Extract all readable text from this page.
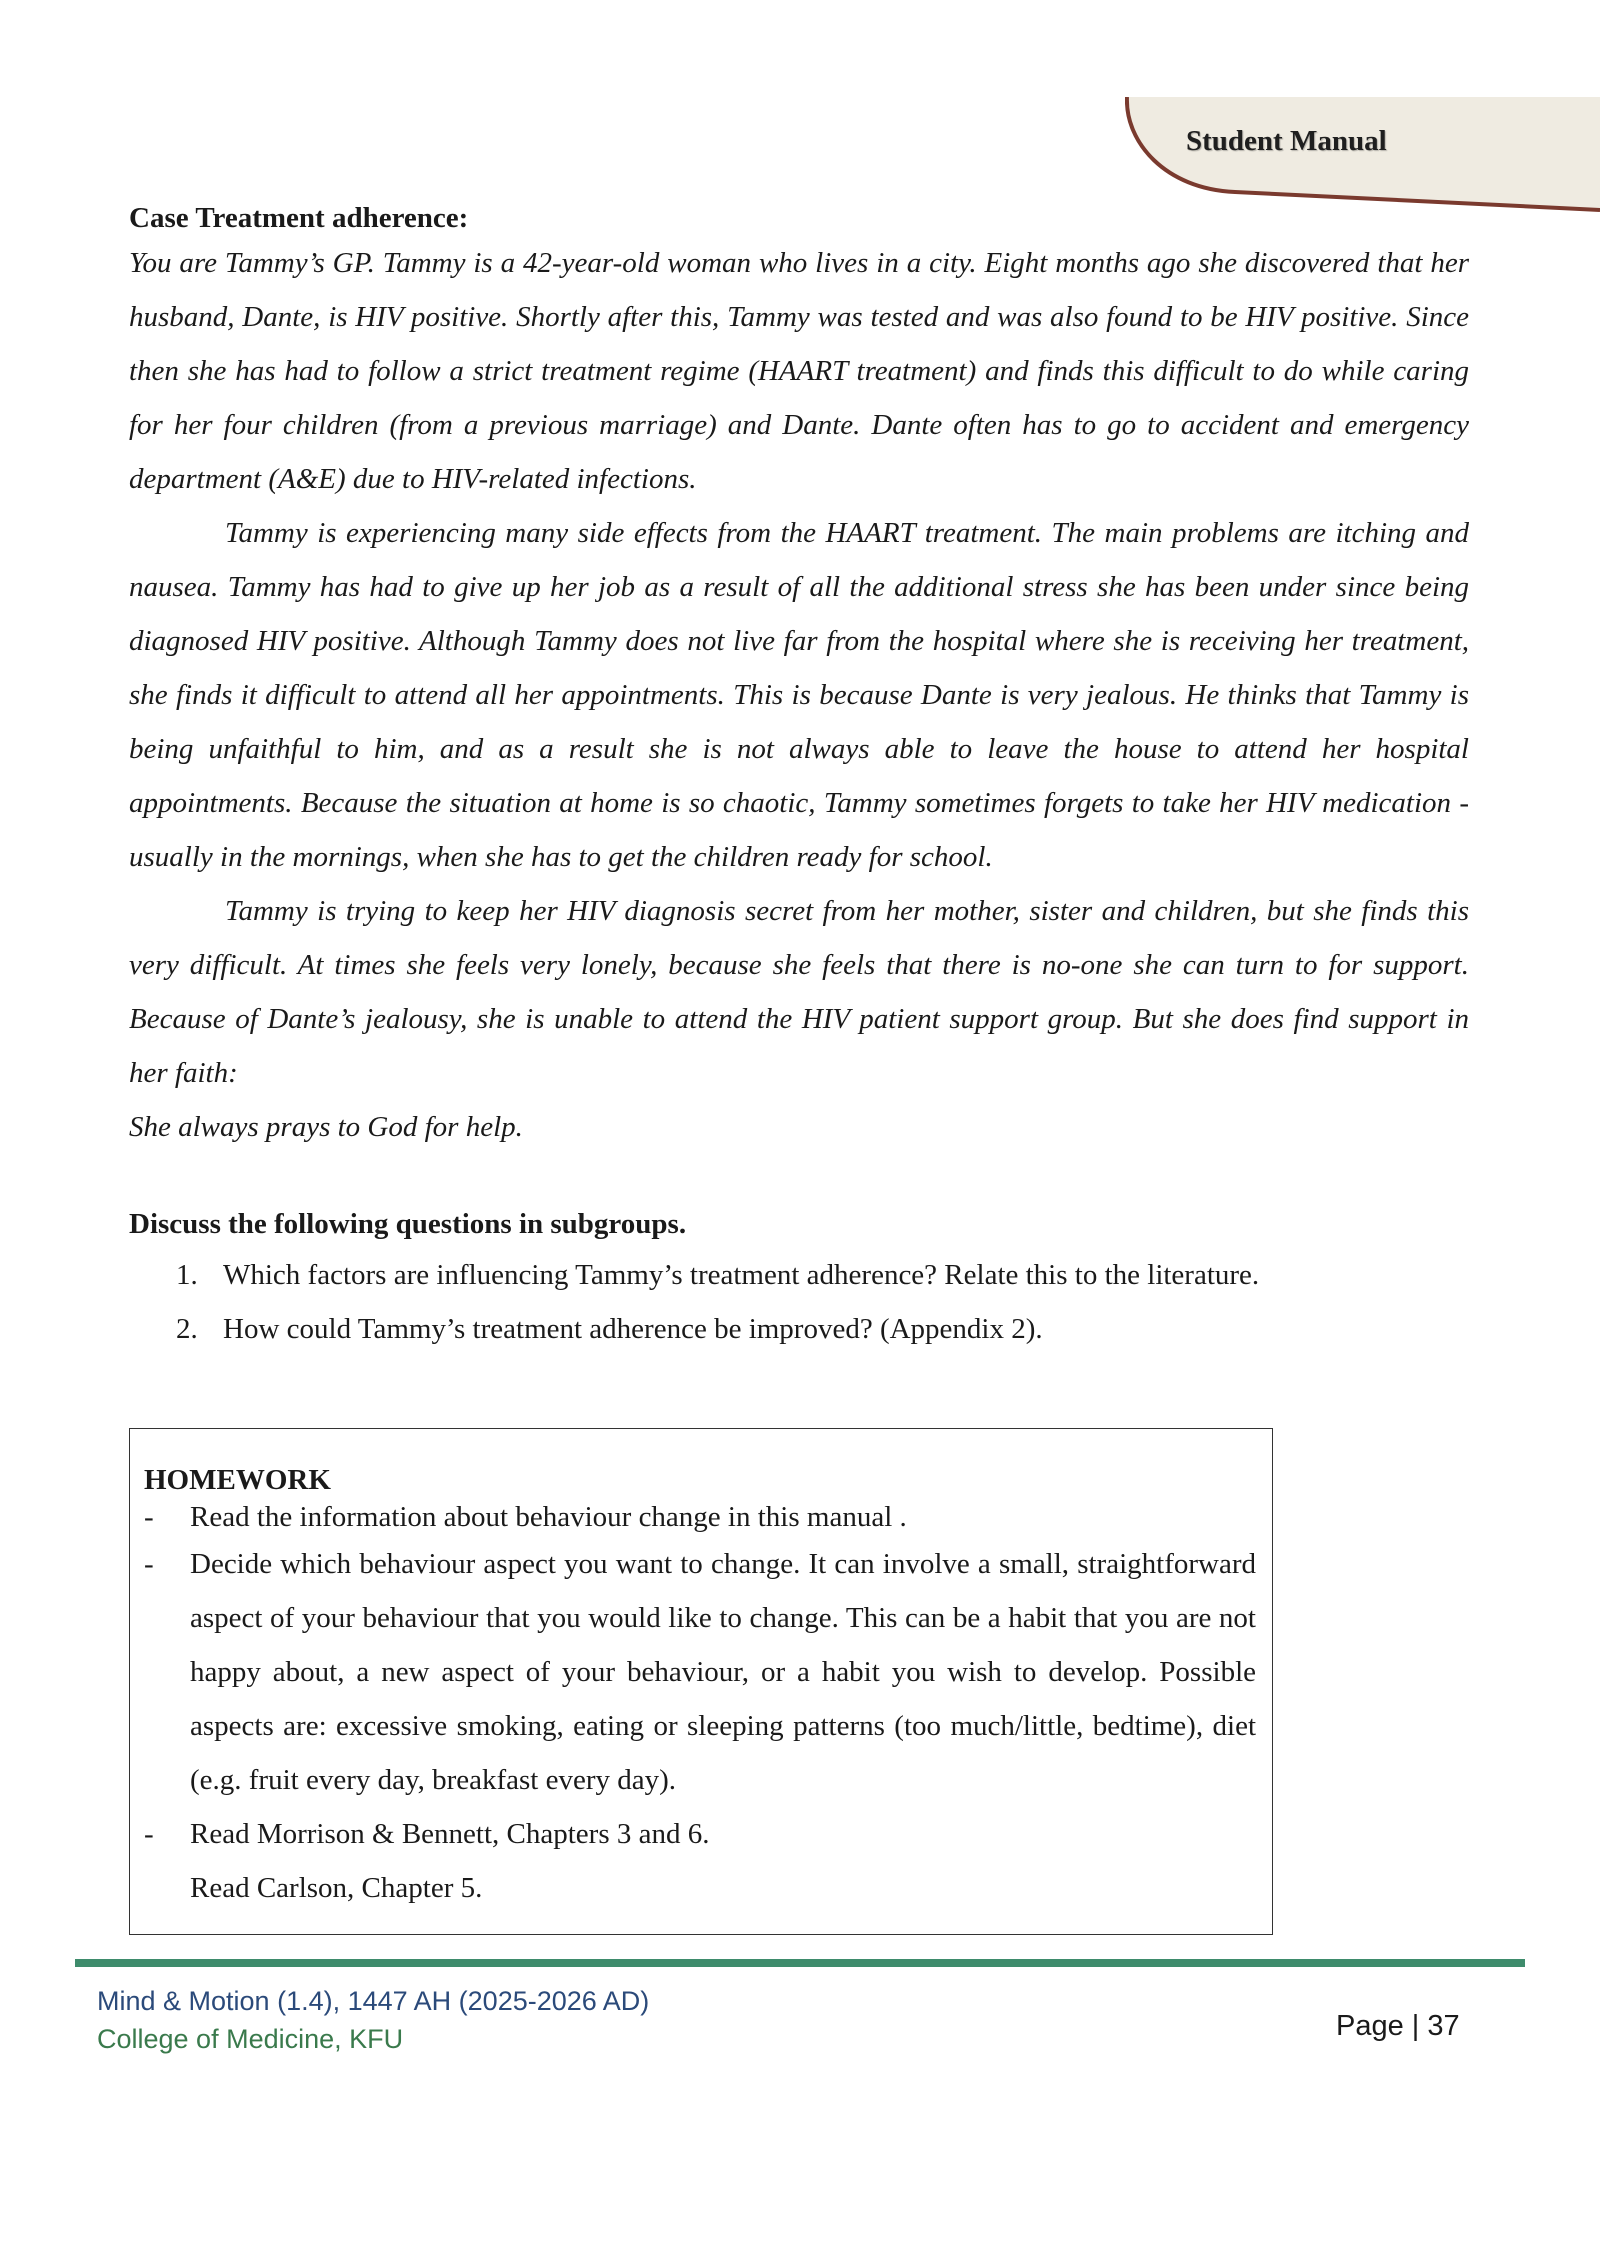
Student Manual

Case Treatment adherence:

You are Tammy’s GP. Tammy is a 42-year-old woman who lives in a city. Eight months ago she discovered that her husband, Dante, is HIV positive. Shortly after this, Tammy was tested and was also found to be HIV positive. Since then she has had to follow a strict treatment regime (HAART treatment) and finds this difficult to do while caring for her four children (from a previous marriage) and Dante. Dante often has to go to accident and emergency department (A&E) due to HIV-related infections.

Tammy is experiencing many side effects from the HAART treatment. The main problems are itching and nausea. Tammy has had to give up her job as a result of all the additional stress she has been under since being diagnosed HIV positive. Although Tammy does not live far from the hospital where she is receiving her treatment, she finds it difficult to attend all her appointments. This is because Dante is very jealous. He thinks that Tammy is being unfaithful to him, and as a result she is not always able to leave the house to attend her hospital appointments. Because the situation at home is so chaotic, Tammy sometimes forgets to take her HIV medication - usually in the mornings, when she has to get the children ready for school.

Tammy is trying to keep her HIV diagnosis secret from her mother, sister and children, but she finds this very difficult. At times she feels very lonely, because she feels that there is no-one she can turn to for support. Because of Dante’s jealousy, she is unable to attend the HIV patient support group. But she does find support in her faith:

She always prays to God for help.

Discuss the following questions in subgroups.

1. Which factors are influencing Tammy’s treatment adherence? Relate this to the literature.
2. How could Tammy’s treatment adherence be improved? (Appendix 2).

HOMEWORK

- Read the information about behaviour change in this manual .
- Decide which behaviour aspect you want to change. It can involve a small, straightforward aspect of your behaviour that you would like to change. This can be a habit that you are not happy about, a new aspect of your behaviour, or a habit you wish to develop. Possible aspects are: excessive smoking, eating or sleeping patterns (too much/little, bedtime), diet (e.g. fruit every day, breakfast every day).
- Read Morrison & Bennett, Chapters 3 and 6.
Read Carlson, Chapter 5.
Mind & Motion (1.4), 1447 AH (2025-2026 AD)
College of Medicine, KFU	Page | 37
